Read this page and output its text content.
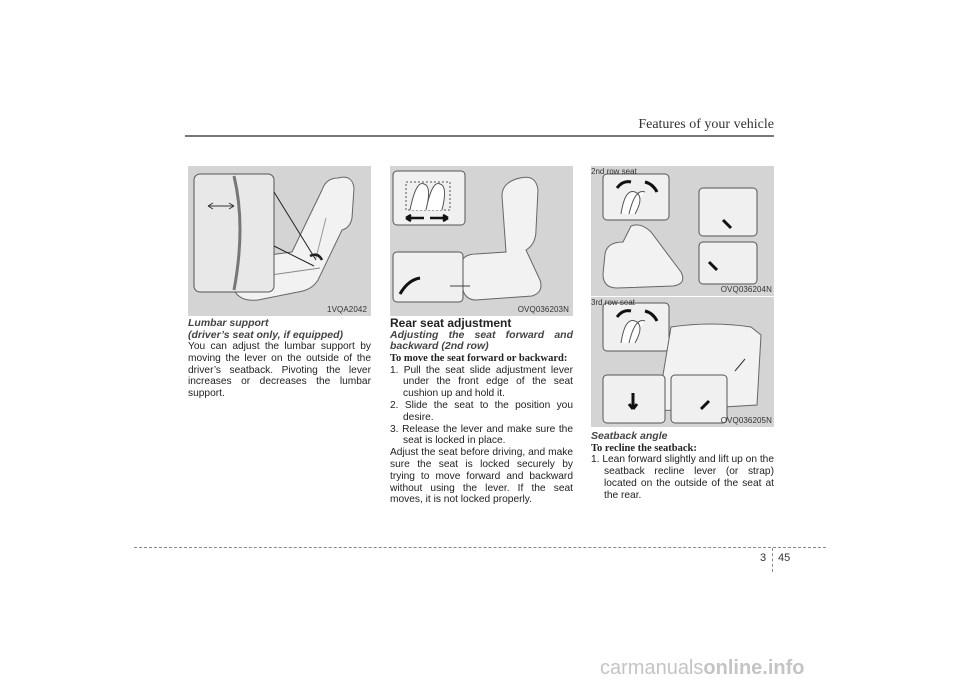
Features of your vehicle
1VQA2042	OVQ036203N
2nd row seat
OVQ036204N
3rd row seat
OVQ036205N

Lumbar support

(driver’s seat only, if equipped)

You can adjust the lumbar support by moving the lever on the outside of the driver’s seatback. Pivoting the lever increases or decreases the lumbar support.

Rear seat adjustment

Adjusting the seat forward and backward (2nd row)

To move the seat forward or backward:

1. Pull the seat slide adjustment lever under the front edge of the seat cushion up and hold it.

2. Slide the seat to the position you desire.

3. Release the lever and make sure the seat is locked in place.

Adjust the seat before driving, and make sure the seat is locked securely by trying to move forward and backward without using the lever. If the seat moves, it is not locked properly.

Seatback angle

To recline the seatback:

1. Lean forward slightly and lift up on the seatback recline lever (or strap) located on the outside of the seat at the rear.

3 45
carmanualsonline.info
